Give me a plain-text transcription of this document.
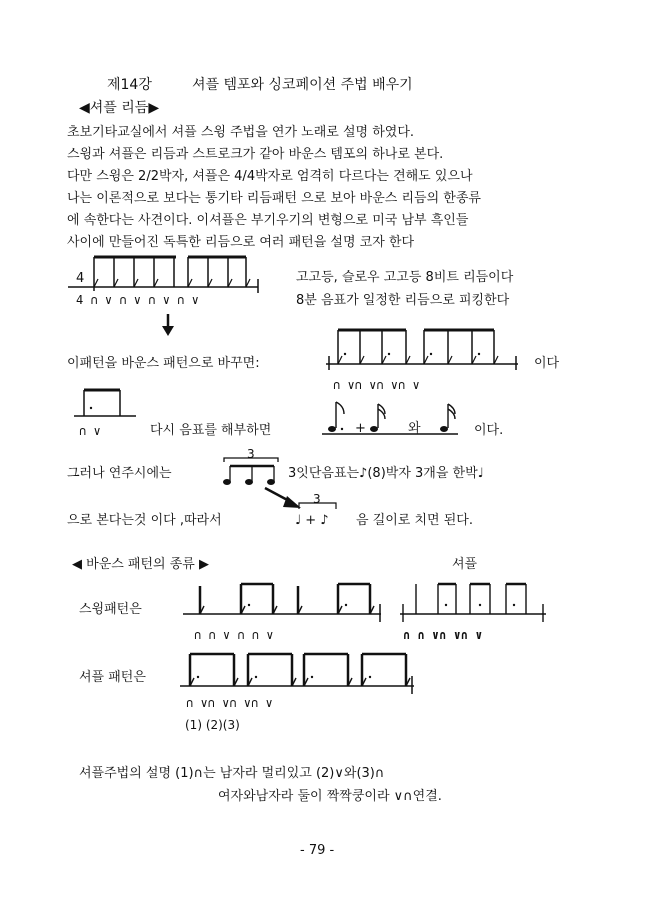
제14강	셔플 템포와 싱코페이션 주법 배우기
◀셔플 리듬▶
초보기타교실에서 셔플 스윙 주법을 연가 노래로 설명 하였다.
스윙과 셔플은 리듬과 스트로크가 같아 바운스 템포의 하나로 본다.
다만 스윙은 2/2박자, 셔플은 4/4박자로 엄격히 다르다는 견해도 있으나
나는 이론적으로 보다는 통기타 리듬패턴 으로 보아 바운스 리듬의 한종류
에 속한다는 사견이다. 이셔플은 부기우기의 변형으로 미국 남부 흑인들
사이에 만들어진 독특한 리듬으로 여러 패턴을 설명 코자 한다
4
4 ∩ ∨ ∩ ∨ ∩ ∨ ∩ ∨
고고등, 슬로우 고고등 8비트 리듬이다
8분 음표가 일정한 리듬으로 피킹한다
이패턴을 바운스 패턴으로 바꾸면:	이다
∩ ∨∩ ∨∩ ∨∩ ∨
∩ ∨	다시 음표를 해부하면	+	와	이다.
그러나 연주시에는
3
3잇단음표는♪(8)박자 3개을 한박♩
으로 본다는것 이다 ,따라서
3
♩ + ♪ 음 길이로 치면 된다.
◀ 바운스 패턴의 종류 ▶	셔플
스윙패턴은
∩ ∩ ∨ ∩ ∩ ∨	∩ ∩ ∨∩ ∨∩ ∨
셔플 패턴은
∩ ∨∩ ∨∩ ∨∩ ∨
(1) (2)(3)
셔플주법의 설명 (1)∩는 남자라 멀리있고 (2)∨와(3)∩
여자와남자라 둘이 짝짝쿵이라 ∨∩연결.
- 79 -
